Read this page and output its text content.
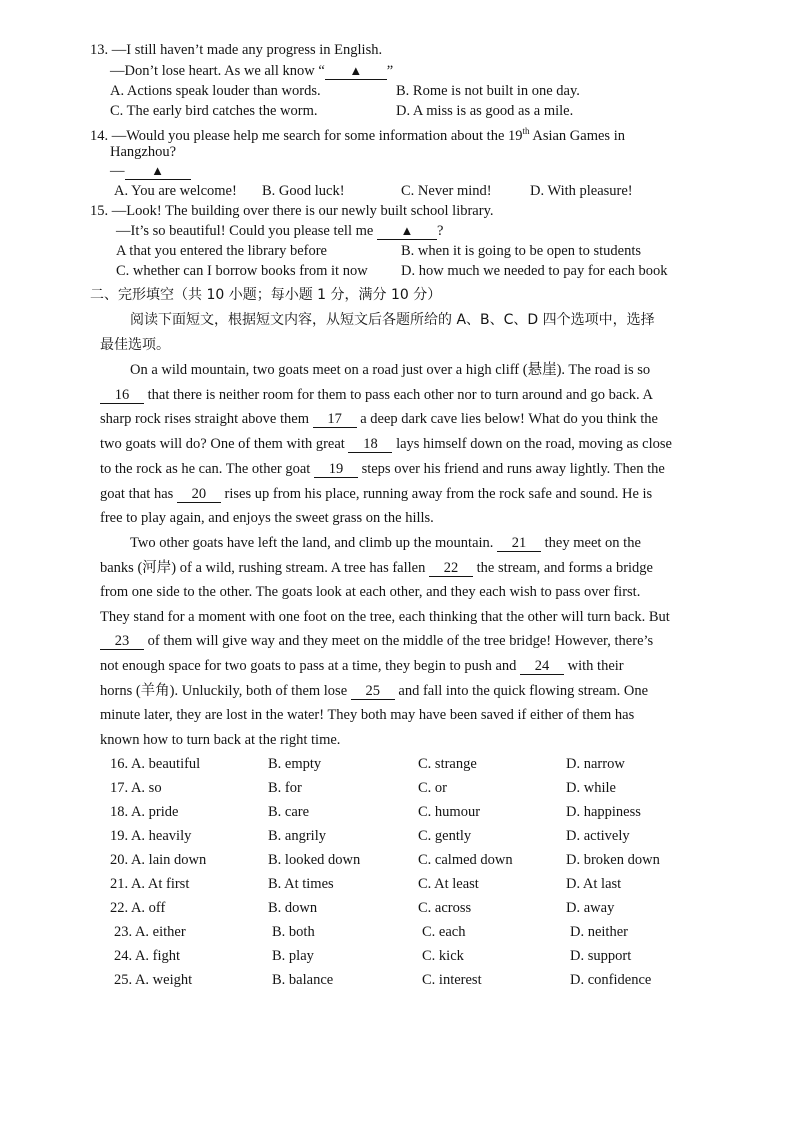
13. —I still haven’t made any progress in English.
—Don’t lose heart. As we all know “ ▲ ”
A. Actions speak louder than words.	B. Rome is not built in one day.
C. The early bird catches the worm.	D. A miss is as good as a mile.
14. —Would you please help me search for some information about the 19th Asian Games in
Hangzhou?
— ▲
A. You are welcome! B. Good luck!	C. Never mind!	D. With pleasure!
15. —Look! The building over there is our newly built school library.
—It’s so beautiful! Could you please tell me ▲ ?
A that you entered the library before	B. when it is going to be open to students
C. whether can I borrow books from it now D. how much we needed to pay for each book
二、完形填空（共 10 小题；每小题 1 分，满分 10 分）
阅读下面短文，根据短文内容，从短文后各题所给的 A、B、C、D 四个选项中，选择
最佳选项。
On a wild mountain, two goats meet on a road just over a high cliff (悬崖). The road is so
16 that there is neither room for them to pass each other nor to turn around and go back. A
sharp rock rises straight above them 17 a deep dark cave lies below! What do you think the
two goats will do? One of them with great 18 lays himself down on the road, moving as close
to the rock as he can. The other goat 19 steps over his friend and runs away lightly. Then the
goat that has 20 rises up from his place, running away from the rock safe and sound. He is
free to play again, and enjoys the sweet grass on the hills.
Two other goats have left the land, and climb up the mountain. 21 they meet on the
banks (河岸) of a wild, rushing stream. A tree has fallen 22 the stream, and forms a bridge
from one side to the other. The goats look at each other, and they each wish to pass over first.
They stand for a moment with one foot on the tree, each thinking that the other will turn back. But
23 of them will give way and they meet on the middle of the tree bridge! However, there’s
not enough space for two goats to pass at a time, they begin to push and 24 with their
horns (羊角). Unluckily, both of them lose 25 and fall into the quick flowing stream. One
minute later, they are lost in the water! They both may have been saved if either of them has
known how to turn back at the right time.
16. A. beautiful	B. empty	C. strange	D. narrow
17. A. so	B. for	C. or	D. while
18. A. pride	B. care	C. humour	D. happiness
19. A. heavily	B. angrily	C. gently	D. actively
20. A. lain down	B. looked down	C. calmed down	D. broken down
21. A. At first	B. At times	C. At least	D. At last
22. A. off	B. down	C. across	D. away
23. A. either	B. both	C. each	D. neither
24. A. fight	B. play	C. kick	D. support
25. A. weight	B. balance	C. interest	D. confidence
